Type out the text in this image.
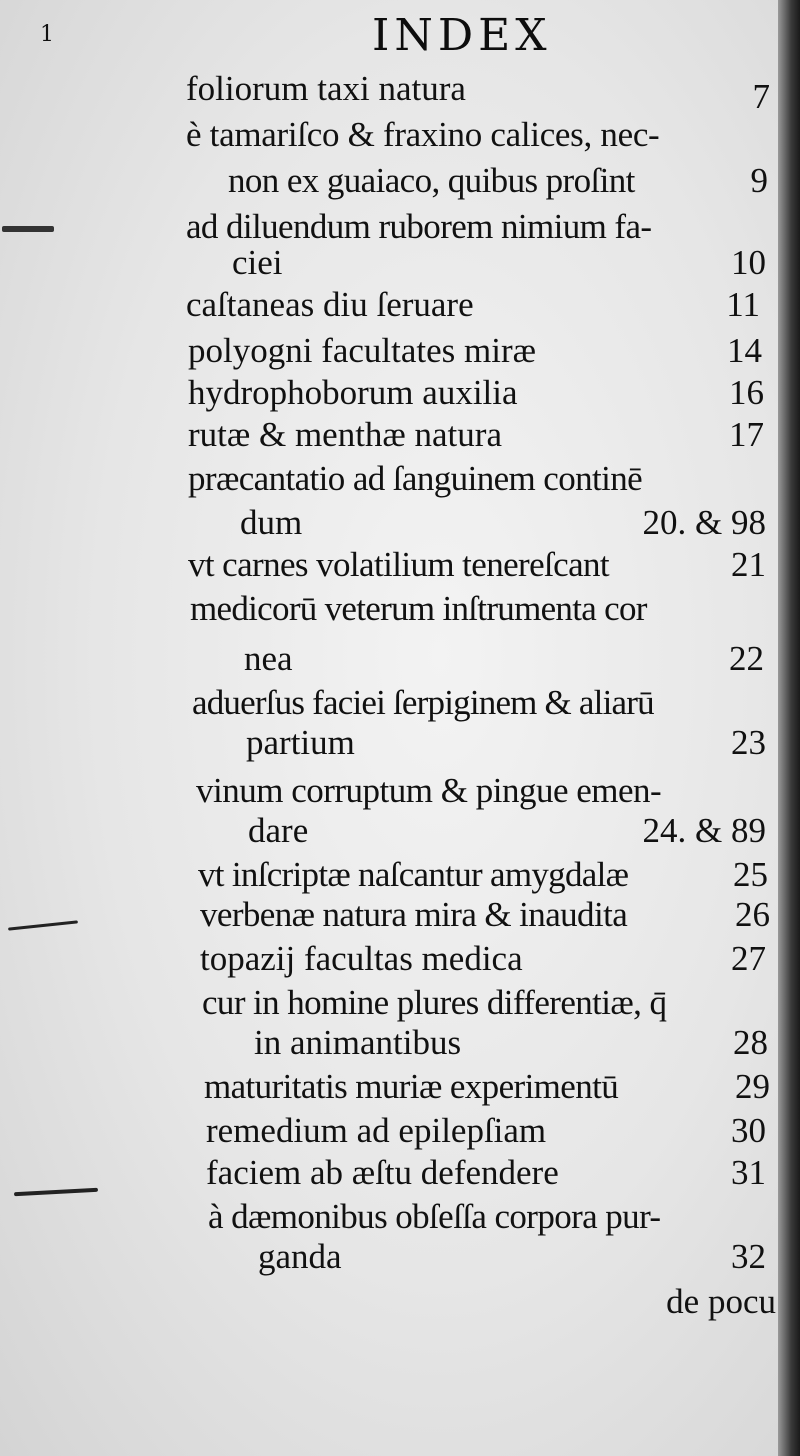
1	INDEX
foliorum taxi natura	7
è tamariſco & fraxino calices, nec-
non ex guaiaco, quibus proſint	9
ad diluendum ruborem nimium fa-
ciei	10
caſtaneas diu ſeruare	11
polyogni facultates miræ	14
hydrophoborum auxilia	16
rutæ & menthæ natura	17
præcantatio ad ſanguinem continē
dum	20. & 98
vt carnes volatilium tenereſcant	21
medicorū veterum inſtrumenta cor
nea	22
aduerſus faciei ſerpiginem & aliarū
partium	23
vinum corruptum & pingue emen-
dare	24. & 89
vt inſcriptæ naſcantur amygdalæ	25
verbenæ natura mira & inaudita	26
topazij facultas medica	27
cur in homine plures differentiæ, q̄
in animantibus	28
maturitatis muriæ experimentū	29
remedium ad epilepſiam	30
faciem ab æſtu defendere	31
à dæmonibus obſeſſa corpora pur-
ganda	32
de pocu
